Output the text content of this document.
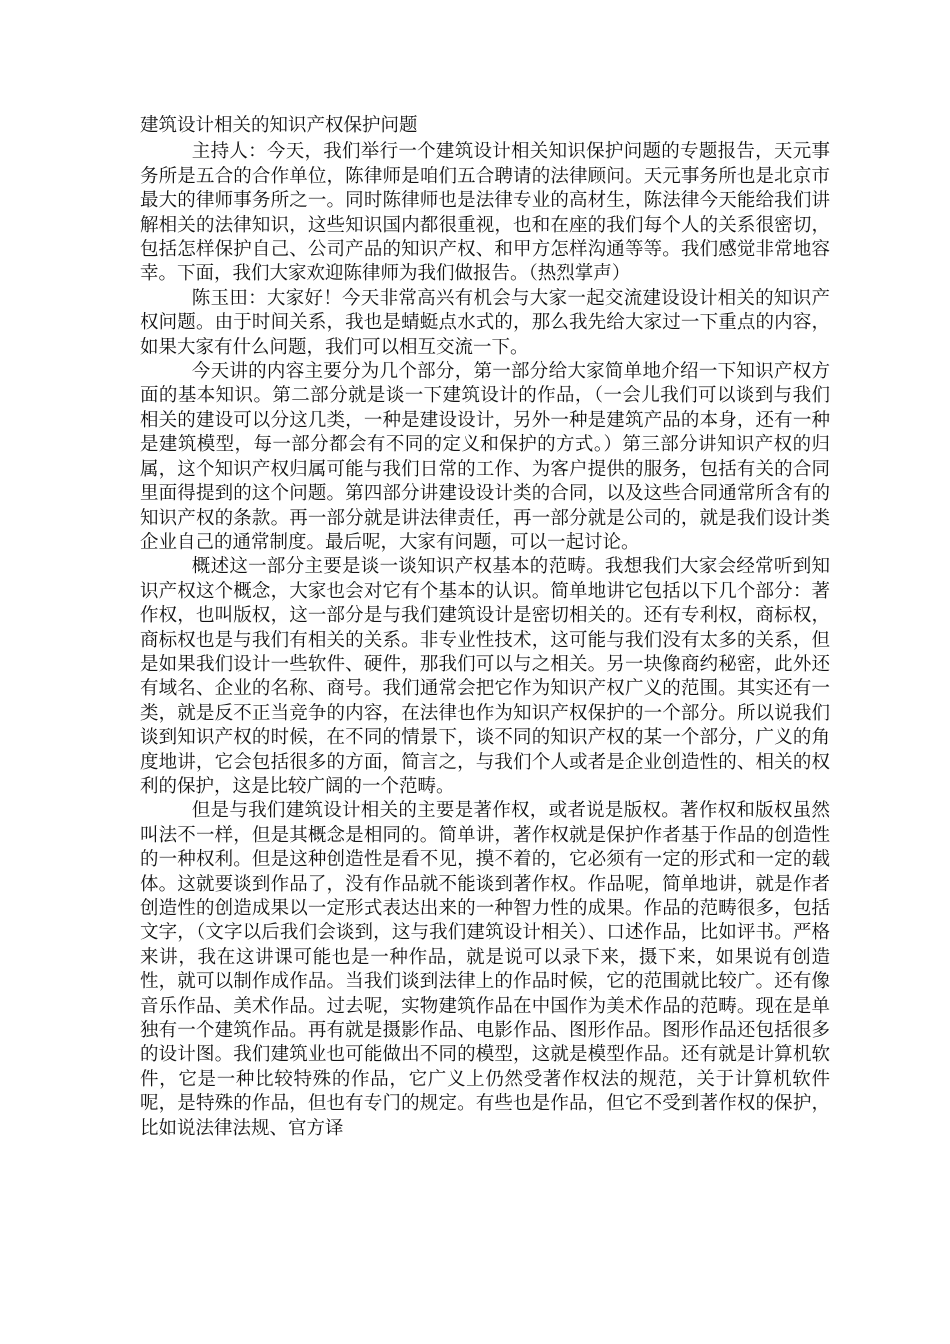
建筑设计相关的知识产权保护问题

主持人：今天，我们举行一个建筑设计相关知识保护问题的专题报告，天元事务所是五合的合作单位，陈律师是咱们五合聘请的法律顾问。天元事务所也是北京市最大的律师事务所之一。同时陈律师也是法律专业的高材生，陈法律今天能给我们讲解相关的法律知识，这些知识国内都很重视，也和在座的我们每个人的关系很密切，包括怎样保护自己、公司产品的知识产权、和甲方怎样沟通等等。我们感觉非常地容幸。下面，我们大家欢迎陈律师为我们做报告。（热烈掌声）

陈玉田：大家好！今天非常高兴有机会与大家一起交流建设设计相关的知识产权问题。由于时间关系，我也是蜻蜓点水式的，那么我先给大家过一下重点的内容，如果大家有什么问题，我们可以相互交流一下。

今天讲的内容主要分为几个部分，第一部分给大家简单地介绍一下知识产权方面的基本知识。第二部分就是谈一下建筑设计的作品，（一会儿我们可以谈到与我们相关的建设可以分这几类，一种是建设设计，另外一种是建筑产品的本身，还有一种是建筑模型，每一部分都会有不同的定义和保护的方式。）第三部分讲知识产权的归属，这个知识产权归属可能与我们日常的工作、为客户提供的服务，包括有关的合同里面得提到的这个问题。第四部分讲建设设计类的合同，以及这些合同通常所含有的知识产权的条款。再一部分就是讲法律责任，再一部分就是公司的，就是我们设计类企业自己的通常制度。最后呢，大家有问题，可以一起讨论。

概述这一部分主要是谈一谈知识产权基本的范畴。我想我们大家会经常听到知识产权这个概念，大家也会对它有个基本的认识。简单地讲它包括以下几个部分：著作权，也叫版权，这一部分是与我们建筑设计是密切相关的。还有专利权，商标权，商标权也是与我们有相关的关系。非专业性技术，这可能与我们没有太多的关系，但是如果我们设计一些软件、硬件，那我们可以与之相关。另一块像商约秘密，此外还有域名、企业的名称、商号。我们通常会把它作为知识产权广义的范围。其实还有一类，就是反不正当竞争的内容，在法律也作为知识产权保护的一个部分。所以说我们谈到知识产权的时候，在不同的情景下，谈不同的知识产权的某一个部分，广义的角度地讲，它会包括很多的方面，简言之，与我们个人或者是企业创造性的、相关的权利的保护，这是比较广阔的一个范畴。

但是与我们建筑设计相关的主要是著作权，或者说是版权。著作权和版权虽然叫法不一样，但是其概念是相同的。简单讲，著作权就是保护作者基于作品的创造性的一种权利。但是这种创造性是看不见，摸不着的，它必须有一定的形式和一定的载体。这就要谈到作品了，没有作品就不能谈到著作权。作品呢，简单地讲，就是作者创造性的创造成果以一定形式表达出来的一种智力性的成果。作品的范畴很多，包括文字，（文字以后我们会谈到，这与我们建筑设计相关）、口述作品，比如评书。严格来讲，我在这讲课可能也是一种作品，就是说可以录下来，摄下来，如果说有创造性，就可以制作成作品。当我们谈到法律上的作品时候，它的范围就比较广。还有像音乐作品、美术作品。过去呢，实物建筑作品在中国作为美术作品的范畴。现在是单独有一个建筑作品。再有就是摄影作品、电影作品、图形作品。图形作品还包括很多的设计图。我们建筑业也可能做出不同的模型，这就是模型作品。还有就是计算机软件，它是一种比较特殊的作品，它广义上仍然受著作权法的规范，关于计算机软件呢，是特殊的作品，但也有专门的规定。有些也是作品，但它不受到著作权的保护，比如说法律法规、官方译
